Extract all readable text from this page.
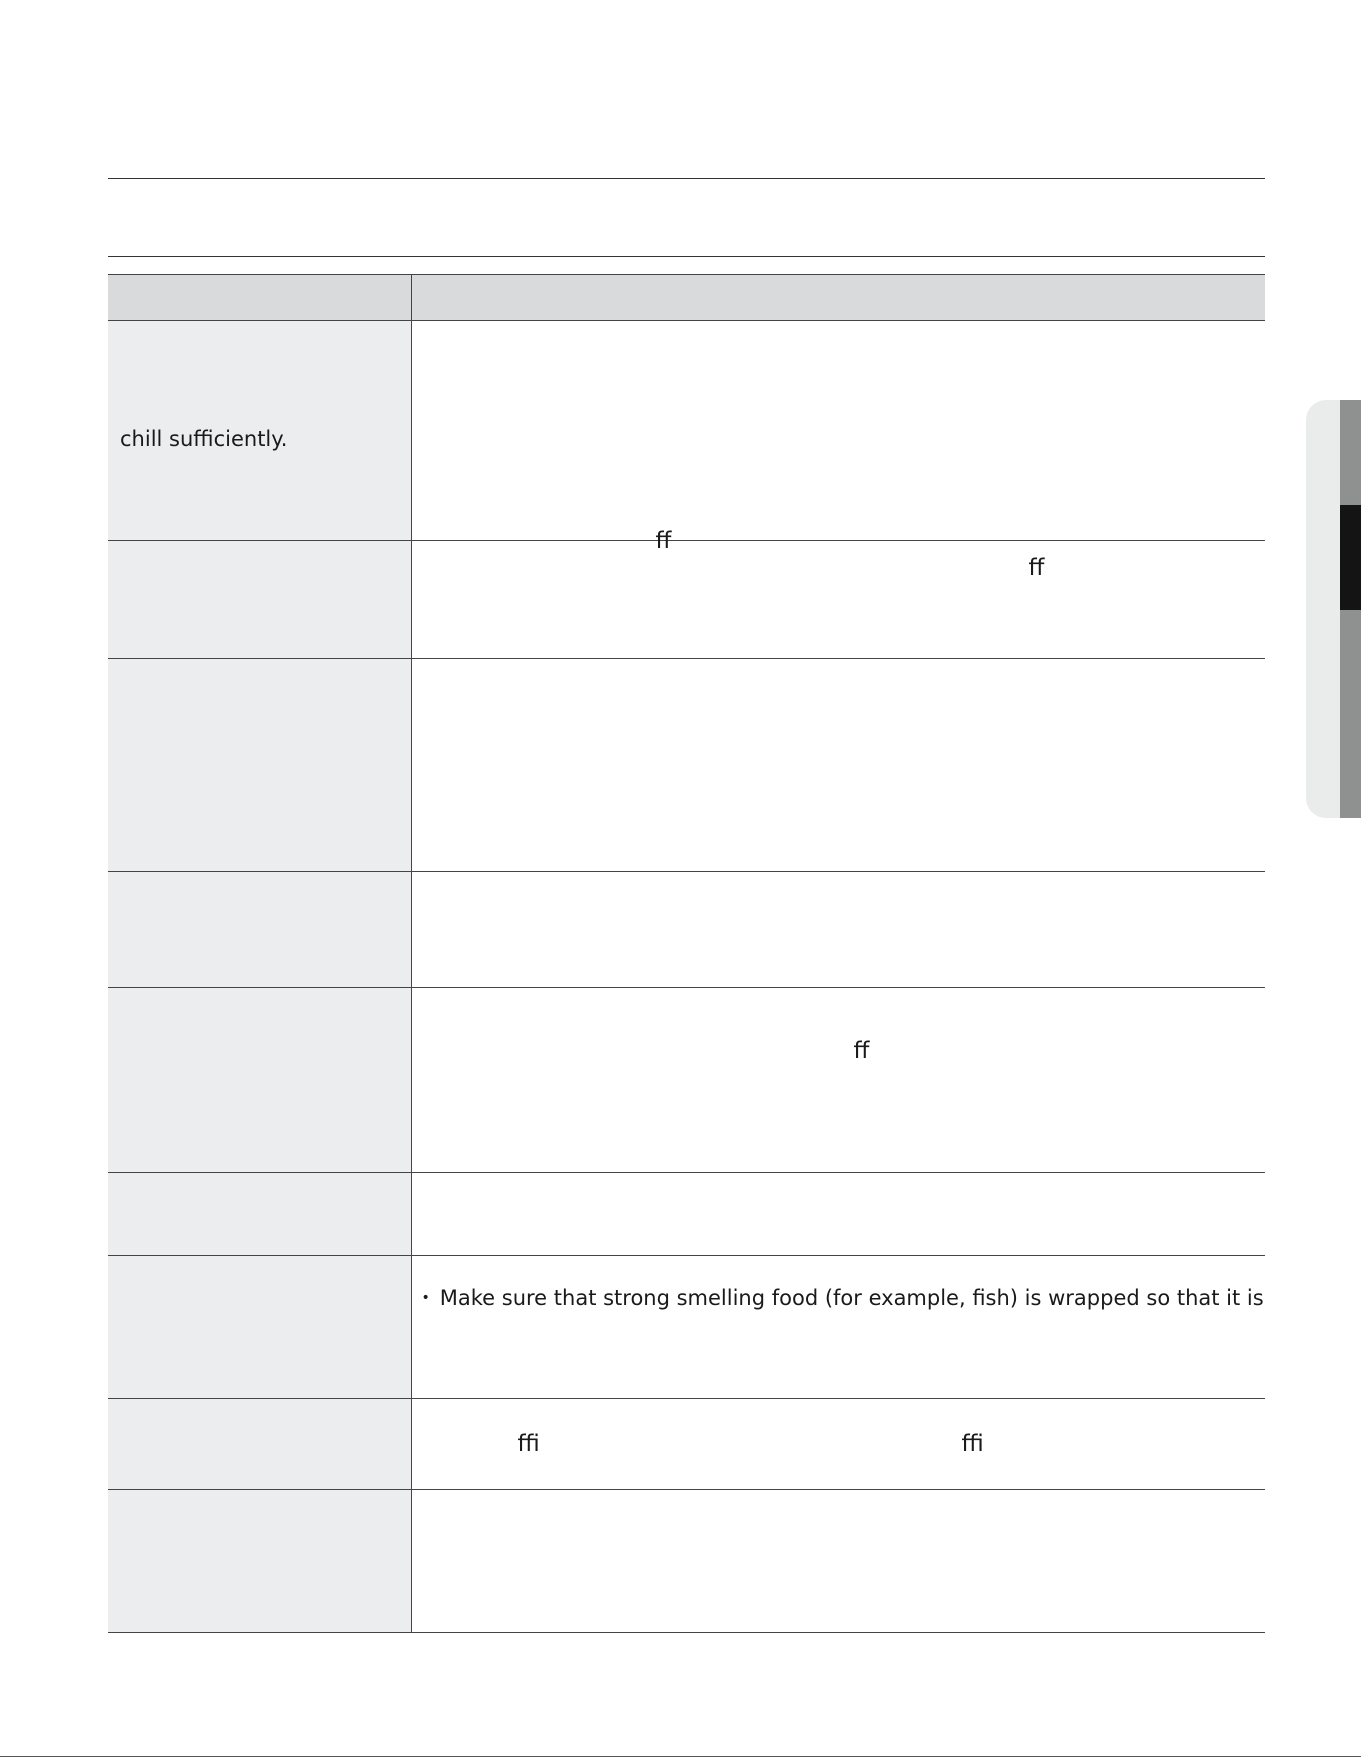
chill sufficiently.	ﬀ
ﬀ

	ﬀ

	• Make sure that strong smelling food (for example, fish) is wrapped so that it is

	ﬃ ﬃ
